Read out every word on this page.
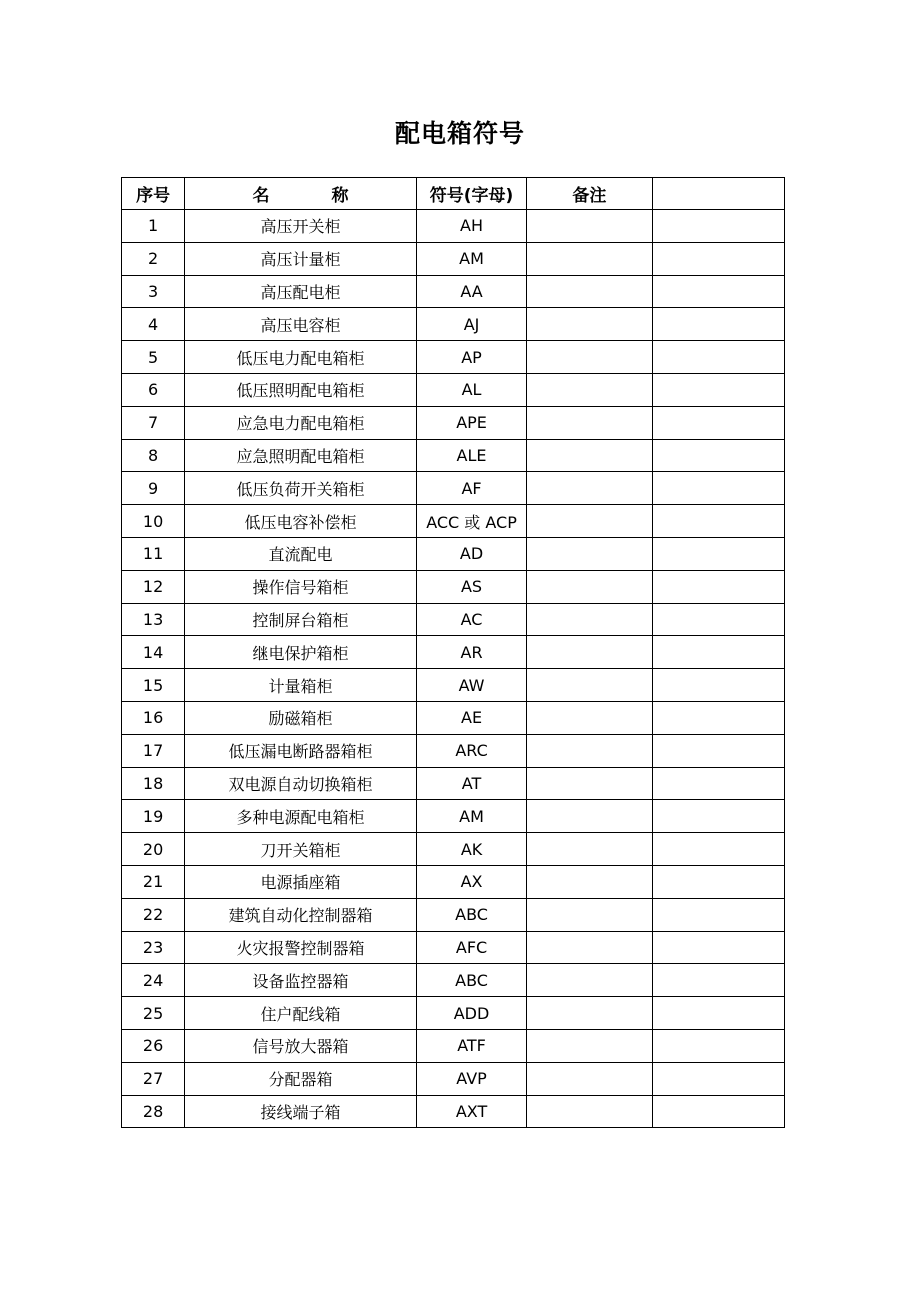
配电箱符号
序号	名 称	符号(字母)	备注	
1	高压开关柜	AH		
2	高压计量柜	AM		
3	高压配电柜	AA		
4	高压电容柜	AJ		
5	低压电力配电箱柜	AP		
6	低压照明配电箱柜	AL		
7	应急电力配电箱柜	APE		
8	应急照明配电箱柜	ALE		
9	低压负荷开关箱柜	AF		
10	低压电容补偿柜	ACC 或 ACP		
11	直流配电	AD		
12	操作信号箱柜	AS		
13	控制屏台箱柜	AC		
14	继电保护箱柜	AR		
15	计量箱柜	AW		
16	励磁箱柜	AE		
17	低压漏电断路器箱柜	ARC		
18	双电源自动切换箱柜	AT		
19	多种电源配电箱柜	AM		
20	刀开关箱柜	AK		
21	电源插座箱	AX		
22	建筑自动化控制器箱	ABC		
23	火灾报警控制器箱	AFC		
24	设备监控器箱	ABC		
25	住户配线箱	ADD		
26	信号放大器箱	ATF		
27	分配器箱	AVP		
28	接线端子箱	AXT		
